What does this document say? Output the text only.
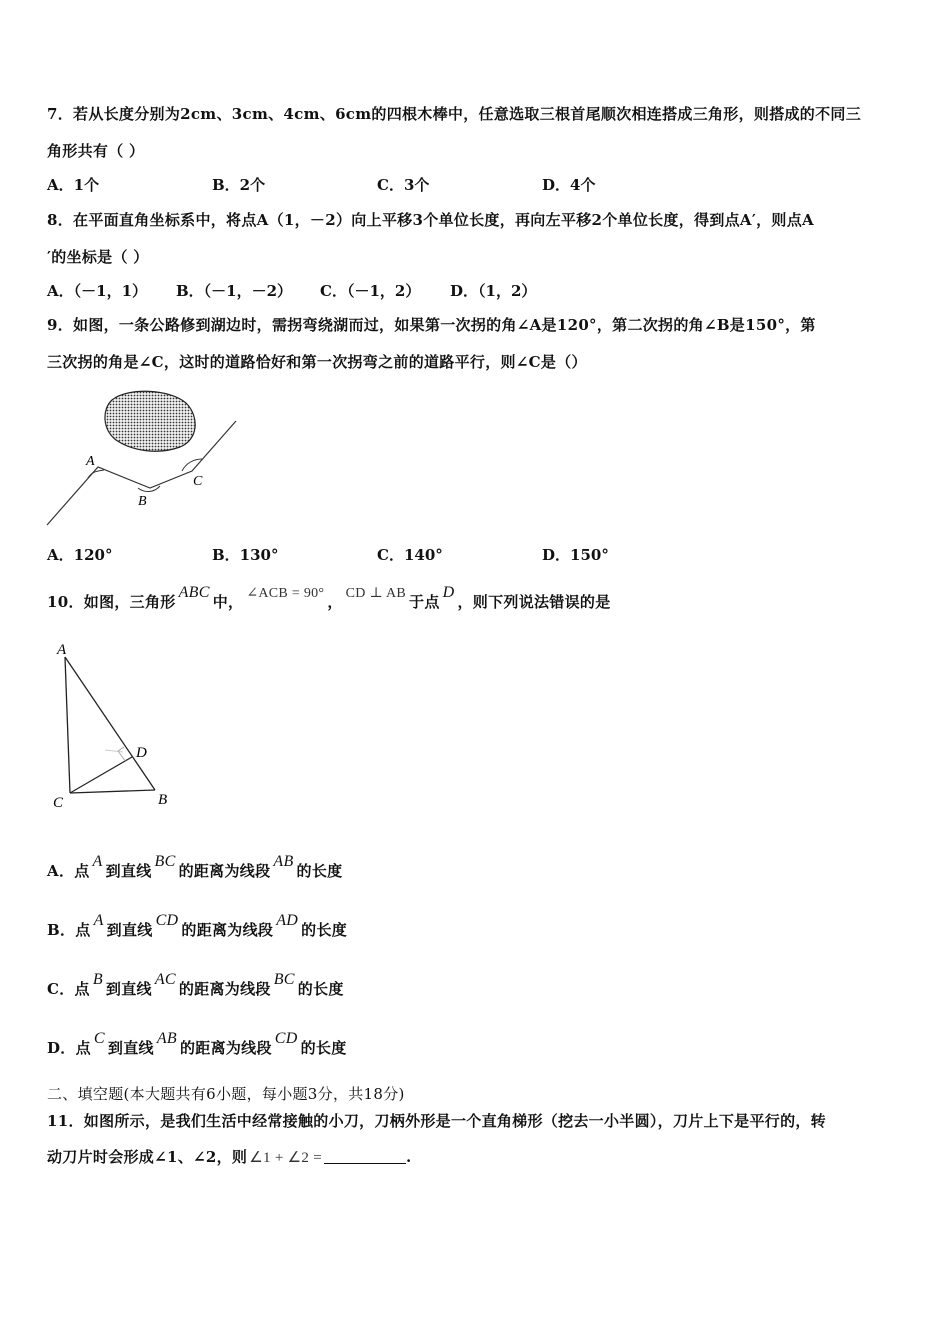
7．若从长度分别为2cm、3cm、4cm、6cm的四根木棒中，任意选取三根首尾顺次相连搭成三角形，则搭成的不同三
角形共有（ ）
A．1个	B．2个	C．3个	D．4个
8．在平面直角坐标系中，将点A（1，－2）向上平移3个单位长度，再向左平移2个单位长度，得到点A′，则点A
′的坐标是（ ）
A．（－1，1） B．（－1，－2） C．（－1，2） D．（1，2）
9．如图，一条公路修到湖边时，需拐弯绕湖而过，如果第一次拐的角∠A是120°，第二次拐的角∠B是150°，第
三次拐的角是∠C，这时的道路恰好和第一次拐弯之前的道路平行，则∠C是（）
A
B
C
A．120°	B．130°	C．140°	D．150°
10．如图，三角形ABC中， ∠ACB = 90° ， CD ⊥ AB 于点D，则下列说法错误的是
A
D
C	B
A．点A到直线BC的距离为线段AB的长度
B．点A到直线CD的距离为线段AD的长度
C．点B到直线AC的距离为线段BC的长度
D．点C到直线AB的距离为线段CD的长度
二、填空题(本大题共有6小题，每小题3分，共18分)
11．如图所示，是我们生活中经常接触的小刀，刀柄外形是一个直角梯形（挖去一小半圆），刀片上下是平行的，转
动刀片时会形成∠1、∠2，则 ∠1 + ∠2 =	.
